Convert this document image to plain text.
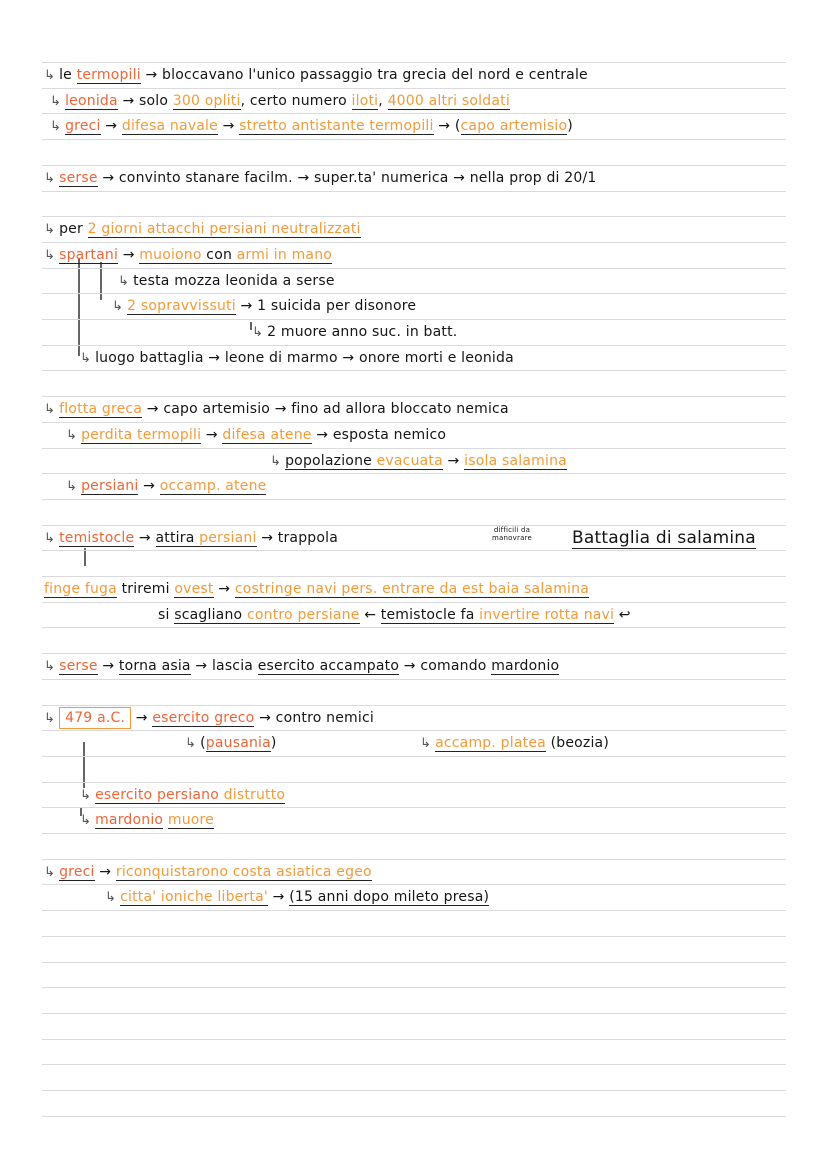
↳ le termopili → bloccavano l'unico passaggio tra grecia del nord e centrale
↳ leonida → solo 300 opliti, certo numero iloti, 4000 altri soldati
↳ greci → difesa navale → stretto antistante termopili → (capo artemisio)
↳ serse → convinto stanare facilm. → super.ta' numerica → nella prop di 20/1
↳ per 2 giorni attacchi persiani neutralizzati
↳ spartani → muoiono con armi in mano
↳ testa mozza leonida a serse
↳ 2 sopravvissuti → 1 suicida per disonore
↳ 2 muore anno suc. in batt.
↳ luogo battaglia → leone di marmo → onore morti e leonida
↳ flotta greca → capo artemisio → fino ad allora bloccato nemica
↳ perdita termopili → difesa atene → esposta nemico
↳ popolazione evacuata → isola salamina
↳ persiani → occamp. atene
↳ temistocle → attira persiani → trappola	difficili da manovrare	Battaglia di salamina
finge fuga triremi ovest → costringe navi pers. entrare da est baia salamina
si scagliano contro persiane ← temistocle fa invertire rotta navi ↩
↳ serse → torna asia → lascia esercito accampato → comando mardonio
↳ 479 a.C. → esercito greco → contro nemici
↳ (pausania)	↳ accamp. platea (beozia)
↳ esercito persiano distrutto
↳ mardonio muore
↳ greci → riconquistarono costa asiatica egeo
↳ citta' ioniche liberta' → (15 anni dopo mileto presa)
